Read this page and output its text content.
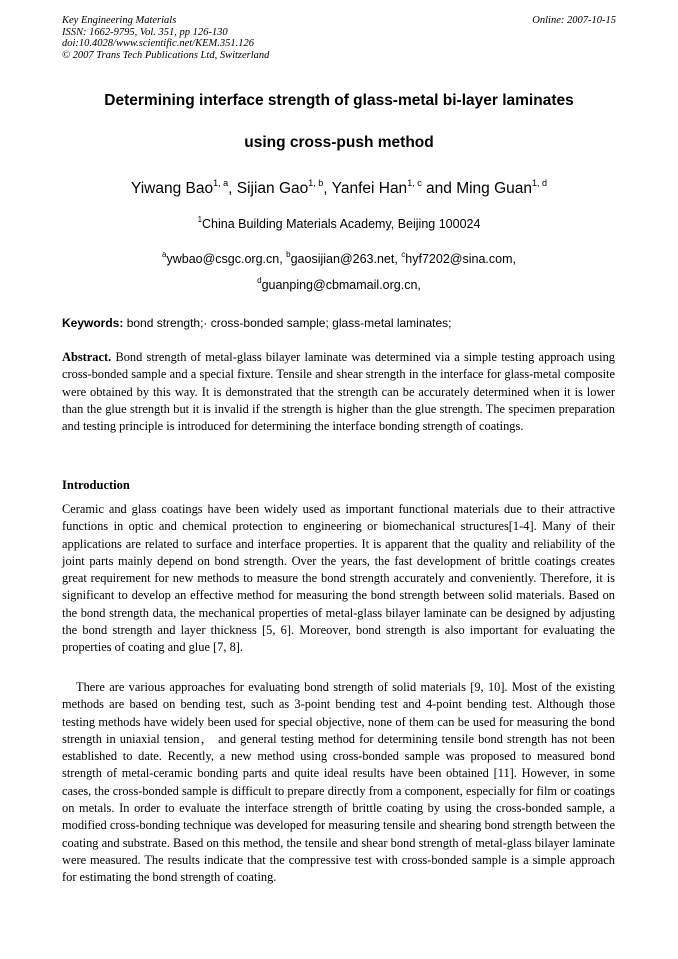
Key Engineering Materials
ISSN: 1662-9795, Vol. 351, pp 126-130
doi:10.4028/www.scientific.net/KEM.351.126
© 2007 Trans Tech Publications Ltd, Switzerland
Online: 2007-10-15
Determining interface strength of glass-metal bi-layer laminates
using cross-push method
Yiwang Bao$^{1, a}$, Sijian Gao$^{1, b}$, Yanfei Han$^{1, c}$ and Ming Guan$^{1, d}$
$^1$China Building Materials Academy, Beijing 100024
$^a$ywbao@csgc.org.cn, $^b$gaosijian@263.net, $^c$hyf7202@sina.com,
$^d$guanping@cbmamail.org.cn,
Keywords: bond strength;· cross-bonded sample; glass-metal laminates;
Abstract. Bond strength of metal-glass bilayer laminate was determined via a simple testing approach using cross-bonded sample and a special fixture. Tensile and shear strength in the interface for glass-metal composite were obtained by this way. It is demonstrated that the strength can be accurately determined when it is lower than the glue strength but it is invalid if the strength is higher than the glue strength. The specimen preparation and testing principle is introduced for determining the interface bonding strength of coatings.
Introduction
Ceramic and glass coatings have been widely used as important functional materials due to their attractive functions in optic and chemical protection to engineering or biomechanical structures[1-4]. Many of their applications are related to surface and interface properties. It is apparent that the quality and reliability of the joint parts mainly depend on bond strength. Over the years, the fast development of brittle coatings creates great requirement for new methods to measure the bond strength accurately and conveniently. Therefore, it is significant to develop an effective method for measuring the bond strength between solid materials. Based on the bond strength data, the mechanical properties of metal-glass bilayer laminate can be designed by adjusting the bond strength and layer thickness [5, 6]. Moreover, bond strength is also important for evaluating the properties of coating and glue [7, 8].
There are various approaches for evaluating bond strength of solid materials [9, 10]. Most of the existing methods are based on bending test, such as 3-point bending test and 4-point bending test. Although those testing methods have widely been used for special objective, none of them can be used for measuring the bond strength in uniaxial tension， and general testing method for determining tensile bond strength has not been established to date. Recently, a new method using cross-bonded sample was proposed to measured bond strength of metal-ceramic bonding parts and quite ideal results have been obtained [11]. However, in some cases, the cross-bonded sample is difficult to prepare directly from a component, especially for film or coatings on metals. In order to evaluate the interface strength of brittle coating by using the cross-bonded sample, a modified cross-bonding technique was developed for measuring tensile and shearing bond strength between the coating and substrate. Based on this method, the tensile and shear bond strength of metal-glass bilayer laminate were measured. The results indicate that the compressive test with cross-bonded sample is a simple approach for estimating the bond strength of coating.
